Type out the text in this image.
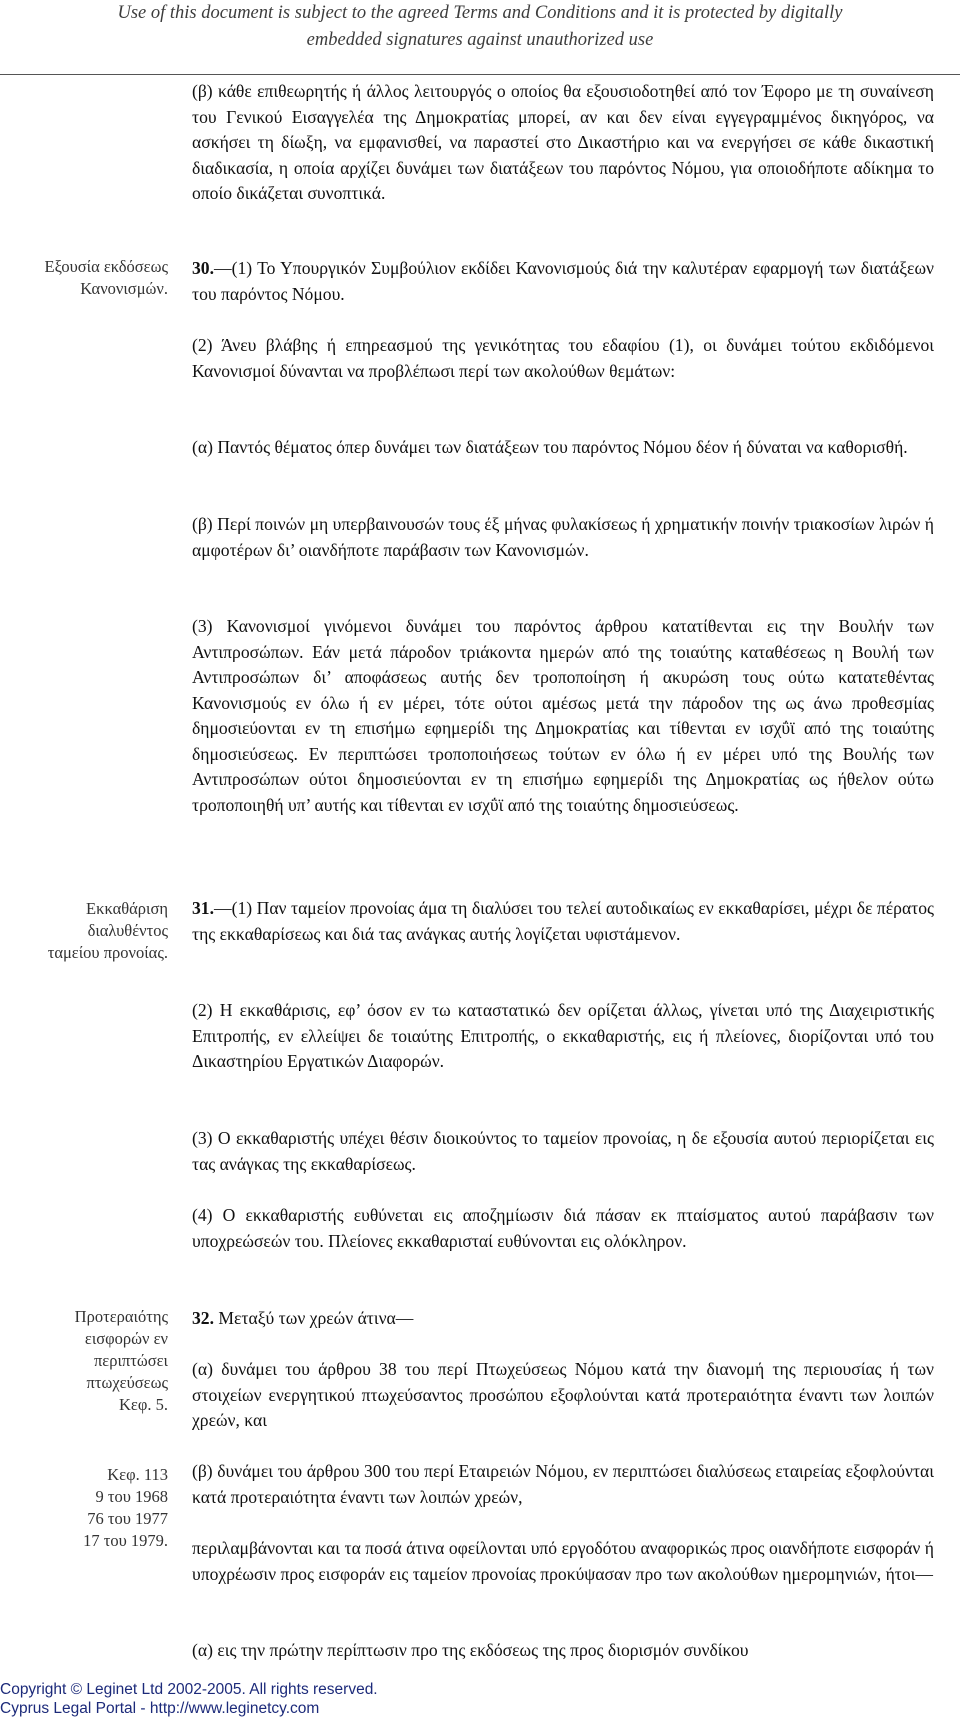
Use of this document is subject to the agreed Terms and Conditions and it is protected by digitally
embedded signatures against unauthorized use
Εξουσία εκδόσεως
Κανονισμών.
Εκκαθάριση
διαλυθέντος
ταμείου προνοίας.
Προτεραιότης
εισφορών εν
περιπτώσει
πτωχεύσεως
Κεφ. 5.
Κεφ. 113
9 του 1968
76 του 1977
17 του 1979.

(β) κάθε επιθεωρητής ή άλλος λειτουργός ο οποίος θα εξουσιοδοτηθεί από τον Έφορο με τη συναίνεση του Γενικού Εισαγγελέα της Δημοκρατίας μπορεί, αν και δεν είναι εγγεγραμμένος δικηγόρος, να ασκήσει τη δίωξη, να εμφανισθεί, να παραστεί στο Δικαστήριο και να ενεργήσει σε κάθε δικαστική διαδικασία, η οποία αρχίζει δυνάμει των διατάξεων του παρόντος Νόμου, για οποιοδήποτε αδίκημα το οποίο δικάζεται συνοπτικά.

30.—(1) Το Υπουργικόν Συμβούλιον εκδίδει Κανονισμούς διά την καλυτέραν εφαρμογή των διατάξεων του παρόντος Νόμου.

(2) Άνευ βλάβης ή επηρεασμού της γενικότητας του εδαφίου (1), οι δυνάμει τούτου εκδιδόμενοι Κανονισμοί δύνανται να προβλέπωσι περί των ακολούθων θεμάτων:

(α) Παντός θέματος όπερ δυνάμει των διατάξεων του παρόντος Νόμου δέον ή δύναται να καθορισθή.

(β) Περί ποινών μη υπερβαινουσών τους έξ μήνας φυλακίσεως ή χρηματικήν ποινήν τριακοσίων λιρών ή αμφοτέρων δι’ οιανδήποτε παράβασιν των Κανονισμών.

(3) Κανονισμοί γινόμενοι δυνάμει του παρόντος άρθρου κατατίθενται εις την Βουλήν των Αντιπροσώπων. Εάν μετά πάροδον τριάκοντα ημερών από της τοιαύτης καταθέσεως η Βουλή των Αντιπροσώπων δι’ αποφάσεως αυτής δεν τροποποίηση ή ακυρώση τους ούτω κατατεθέντας Κανονισμούς εν όλω ή εν μέρει, τότε ούτοι αμέσως μετά την πάροδον της ως άνω προθεσμίας δημοσιεύονται εν τη επισήμω εφημερίδι της Δημοκρατίας και τίθενται εν ισχΰϊ από της τοιαύτης δημοσιεύσεως. Εν περιπτώσει τροποποιήσεως τούτων εν όλω ή εν μέρει υπό της Βουλής των Αντιπροσώπων ούτοι δημοσιεύονται εν τη επισήμω εφημερίδι της Δημοκρατίας ως ήθελον ούτω τροποποιηθή υπ’ αυτής και τίθενται εν ισχΰϊ από της τοιαύτης δημοσιεύσεως.

31.—(1) Παν ταμείον προνοίας άμα τη διαλύσει του τελεί αυτοδικαίως εν εκκαθαρίσει, μέχρι δε πέρατος της εκκαθαρίσεως και διά τας ανάγκας αυτής λογίζεται υφιστάμενον.

(2) Η εκκαθάρισις, εφ’ όσον εν τω καταστατικώ δεν ορίζεται άλλως, γίνεται υπό της Διαχειριστικής Επιτροπής, εν ελλείψει δε τοιαύτης Επιτροπής, ο εκκαθαριστής, εις ή πλείονες, διορίζονται υπό του Δικαστηρίου Εργατικών Διαφορών.

(3) Ο εκκαθαριστής υπέχει θέσιν διοικούντος το ταμείον προνοίας, η δε εξουσία αυτού περιορίζεται εις τας ανάγκας της εκκαθαρίσεως.

(4) Ο εκκαθαριστής ευθύνεται εις αποζημίωσιν διά πάσαν εκ πταίσματος αυτού παράβασιν των υποχρεώσεών του. Πλείονες εκκαθαρισταί ευθύνονται εις ολόκληρον.

32. Μεταξύ των χρεών άτινα—

(α) δυνάμει του άρθρου 38 του περί Πτωχεύσεως Νόμου κατά την διανομή της περιουσίας ή των στοιχείων ενεργητικού πτωχεύσαντος προσώπου εξοφλούνται κατά προτεραιότητα έναντι των λοιπών χρεών, και

(β) δυνάμει του άρθρου 300 του περί Εταιρειών Νόμου, εν περιπτώσει διαλύσεως εταιρείας εξοφλούνται κατά προτεραιότητα έναντι των λοιπών χρεών,

περιλαμβάνονται και τα ποσά άτινα οφείλονται υπό εργοδότου αναφορικώς προς οιανδήποτε εισφοράν ή υποχρέωσιν προς εισφοράν εις ταμείον προνοίας προκύψασαν προ των ακολούθων ημερομηνιών, ήτοι—

(α) εις την πρώτην περίπτωσιν προ της εκδόσεως της προς διορισμόν συνδίκου

Copyright © Leginet Ltd 2002-2005. All rights reserved.
Cyprus Legal Portal - http://www.leginetcy.com
